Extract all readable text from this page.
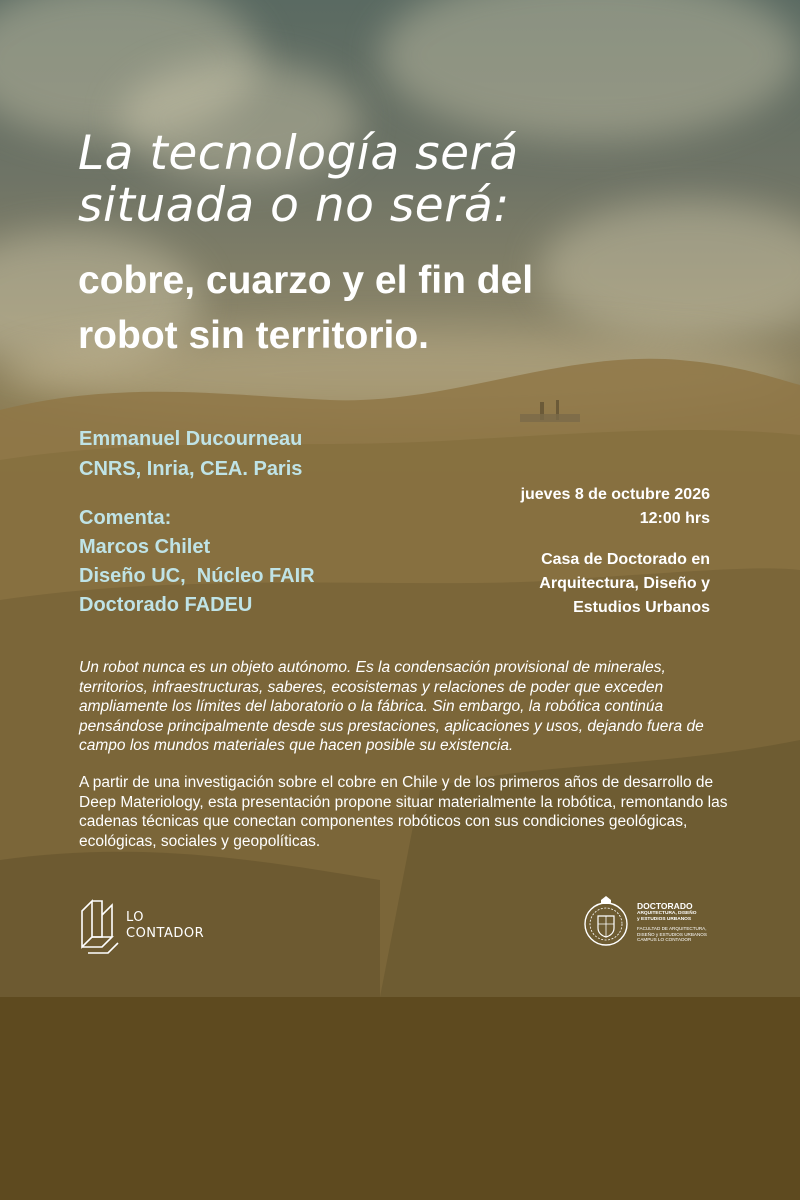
La tecnología será
situada o no será:
cobre, cuarzo y el fin del
robot sin territorio.
Emmanuel Ducourneau
CNRS, Inria, CEA. Paris
Comenta:
Marcos Chilet
Diseño UC,  Núcleo FAIR
Doctorado FADEU
jueves 8 de octubre 2026
12:00 hrs
Casa de Doctorado en
Arquitectura, Diseño y
Estudios Urbanos

Un robot nunca es un objeto autónomo. Es la condensación provisional de minerales, territorios, infraestructuras, saberes, ecosistemas y relaciones de poder que exceden ampliamente los límites del laboratorio o la fábrica. Sin embargo, la robótica continúa pensándose principalmente desde sus prestaciones, aplicaciones y usos, dejando fuera de campo los mundos materiales que hacen posible su existencia.

A partir de una investigación sobre el cobre en Chile y de los primeros años de desarrollo de Deep Materiology, esta presentación propone situar materialmente la robótica, remontando las cadenas técnicas que conectan componentes robóticos con sus condiciones geológicas, ecológicas, sociales y geopolíticas.

LO
CONTADOR
DOCTORADO
ARQUITECTURA, DISEÑO
y ESTUDIOS URBANOS
FACULTAD DE ARQUITECTURA,
DISEÑO y ESTUDIOS URBANOS
CAMPUS LO CONTADOR
